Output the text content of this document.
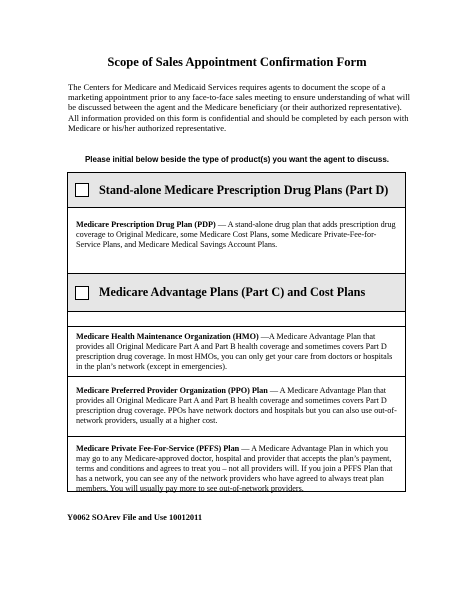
Scope of Sales Appointment Confirmation Form
The Centers for Medicare and Medicaid Services requires agents to document the scope of a marketing appointment prior to any face-to-face sales meeting to ensure understanding of what will be discussed between the agent and the Medicare beneficiary (or their authorized representative). All information provided on this form is confidential and should be completed by each person with Medicare or his/her authorized representative.
Please initial below beside the type of product(s) you want the agent to discuss.
Stand-alone Medicare Prescription Drug Plans (Part D)
Medicare Prescription Drug Plan (PDP) — A stand-alone drug plan that adds prescription drug coverage to Original Medicare, some Medicare Cost Plans, some Medicare Private-Fee-for-Service Plans, and Medicare Medical Savings Account Plans.
Medicare Advantage Plans (Part C) and Cost Plans
Medicare Health Maintenance Organization (HMO) —A Medicare Advantage Plan that provides all Original Medicare Part A and Part B health coverage and sometimes covers Part D prescription drug coverage. In most HMOs, you can only get your care from doctors or hospitals in the plan’s network (except in emergencies).
Medicare Preferred Provider Organization (PPO) Plan — A Medicare Advantage Plan that provides all Original Medicare Part A and Part B health coverage and sometimes covers Part D prescription drug coverage. PPOs have network doctors and hospitals but you can also use out-of-network providers, usually at a higher cost.
Medicare Private Fee-For-Service (PFFS) Plan — A Medicare Advantage Plan in which you may go to any Medicare-approved doctor, hospital and provider that accepts the plan’s payment, terms and conditions and agrees to treat you – not all providers will. If you join a PFFS Plan that has a network, you can see any of the network providers who have agreed to always treat plan members. You will usually pay more to see out-of-network providers.
Y0062 SOArev File and Use 10012011
